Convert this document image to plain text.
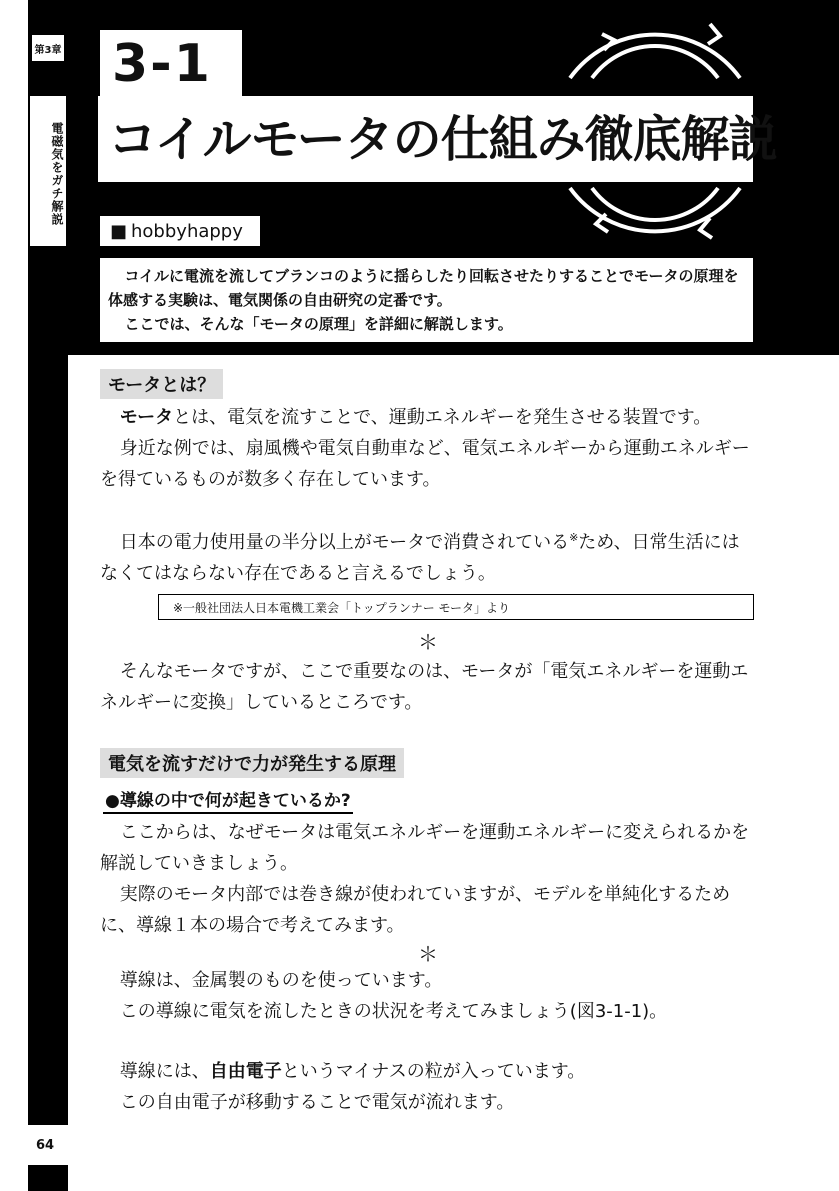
第3章
電磁気をガチ解説
64
3-1
コイルモータの仕組み徹底解説
■ hobbyhappy

コイルに電流を流してブランコのように揺らしたり回転させたりすることでモータの原理を体感する実験は、電気関係の自由研究の定番です。

ここでは、そんな「モータの原理」を詳細に解説します。

モータとは？

モータとは、電気を流すことで、運動エネルギーを発生させる装置です。

身近な例では、扇風機や電気自動車など、電気エネルギーから運動エネルギーを得ているものが数多く存在しています。

日本の電力使用量の半分以上がモータで消費されている※ため、日常生活にはなくてはならない存在であると言えるでしょう。

※一般社団法人日本電機工業会「トップランナー モータ」より
＊

そんなモータですが、ここで重要なのは、モータが「電気エネルギーを運動エネルギーに変換」しているところです。

電気を流すだけで力が発生する原理
●導線の中で何が起きているか?

ここからは、なぜモータは電気エネルギーを運動エネルギーに変えられるかを解説していきましょう。

実際のモータ内部では巻き線が使われていますが、モデルを単純化するために、導線１本の場合で考えてみます。

＊

導線は、金属製のものを使っています。

この導線に電気を流したときの状況を考えてみましょう(図3-1-1)。

導線には、自由電子というマイナスの粒が入っています。

この自由電子が移動することで電気が流れます。
